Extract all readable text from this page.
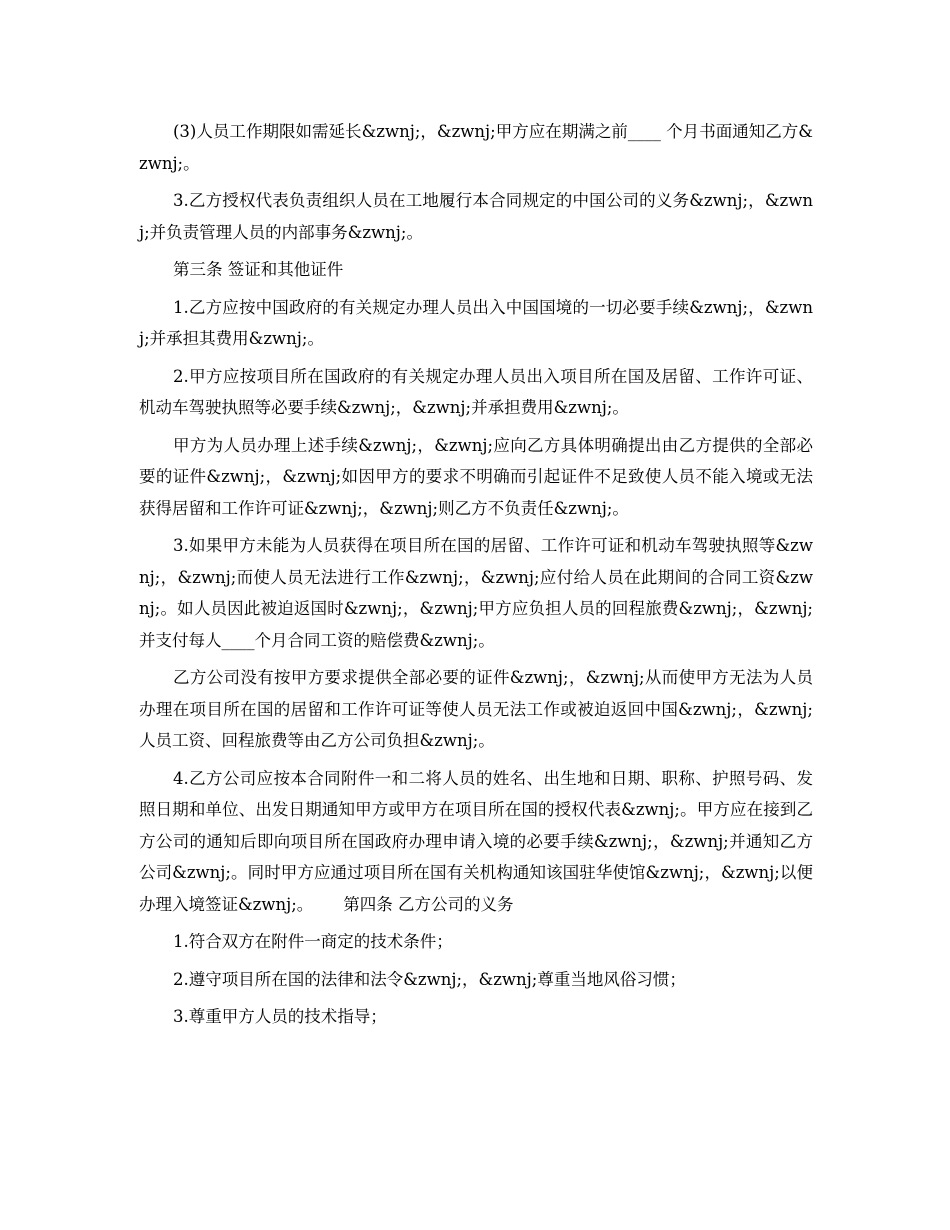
(3)人员工作期限如需延长&zwnj;，&zwnj;甲方应在期满之前____ 个月书面通知乙方&zwnj;。

3.乙方授权代表负责组织人员在工地履行本合同规定的中国公司的义务&zwnj;，&zwnj;并负责管理人员的内部事务&zwnj;。

第三条 签证和其他证件

1.乙方应按中国政府的有关规定办理人员出入中国国境的一切必要手续&zwnj;，&zwnj;并承担其费用&zwnj;。

2.甲方应按项目所在国政府的有关规定办理人员出入项目所在国及居留、工作许可证、机动车驾驶执照等必要手续&zwnj;，&zwnj;并承担费用&zwnj;。

甲方为人员办理上述手续&zwnj;，&zwnj;应向乙方具体明确提出由乙方提供的全部必要的证件&zwnj;，&zwnj;如因甲方的要求不明确而引起证件不足致使人员不能入境或无法获得居留和工作许可证&zwnj;，&zwnj;则乙方不负责任&zwnj;。

3.如果甲方未能为人员获得在项目所在国的居留、工作许可证和机动车驾驶执照等&zwnj;，&zwnj;而使人员无法进行工作&zwnj;，&zwnj;应付给人员在此期间的合同工资&zwnj;。如人员因此被迫返国时&zwnj;，&zwnj;甲方应负担人员的回程旅费&zwnj;，&zwnj;并支付每人____个月合同工资的赔偿费&zwnj;。

乙方公司没有按甲方要求提供全部必要的证件&zwnj;，&zwnj;从而使甲方无法为人员办理在项目所在国的居留和工作许可证等使人员无法工作或被迫返回中国&zwnj;，&zwnj;人员工资、回程旅费等由乙方公司负担&zwnj;。

4.乙方公司应按本合同附件一和二将人员的姓名、出生地和日期、职称、护照号码、发照日期和单位、出发日期通知甲方或甲方在项目所在国的授权代表&zwnj;。甲方应在接到乙方公司的通知后即向项目所在国政府办理申请入境的必要手续&zwnj;，&zwnj;并通知乙方公司&zwnj;。同时甲方应通过项目所在国有关机构通知该国驻华使馆&zwnj;，&zwnj;以便办理入境签证&zwnj;。　　 第四条 乙方公司的义务

1.符合双方在附件一商定的技术条件；

2.遵守项目所在国的法律和法令&zwnj;，&zwnj;尊重当地风俗习惯；

3.尊重甲方人员的技术指导；
